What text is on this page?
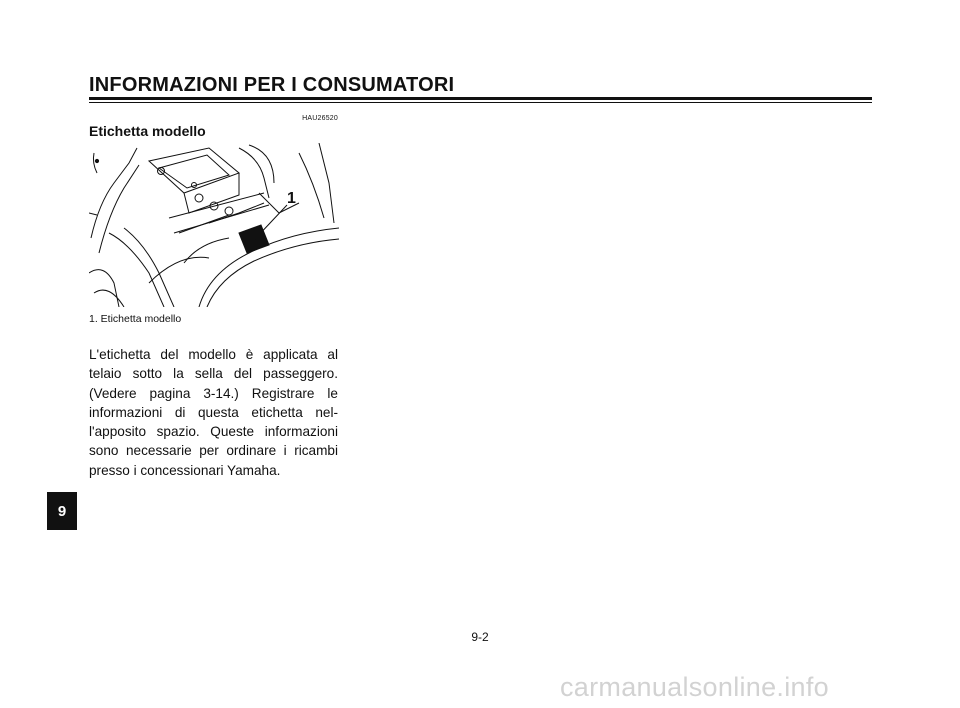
INFORMAZIONI PER I CONSUMATORI
HAU26520
Etichetta modello
1
1. Etichetta modello

L'etichetta del modello è applicata al telaio sotto la sella del passeggero. (Vedere pagina 3-14.) Registrare le informazioni di questa etichetta nel-l'apposito spazio. Queste informazioni sono necessarie per ordinare i ricambi presso i concessionari Yamaha.

9
9-2
carmanualsonline.info
